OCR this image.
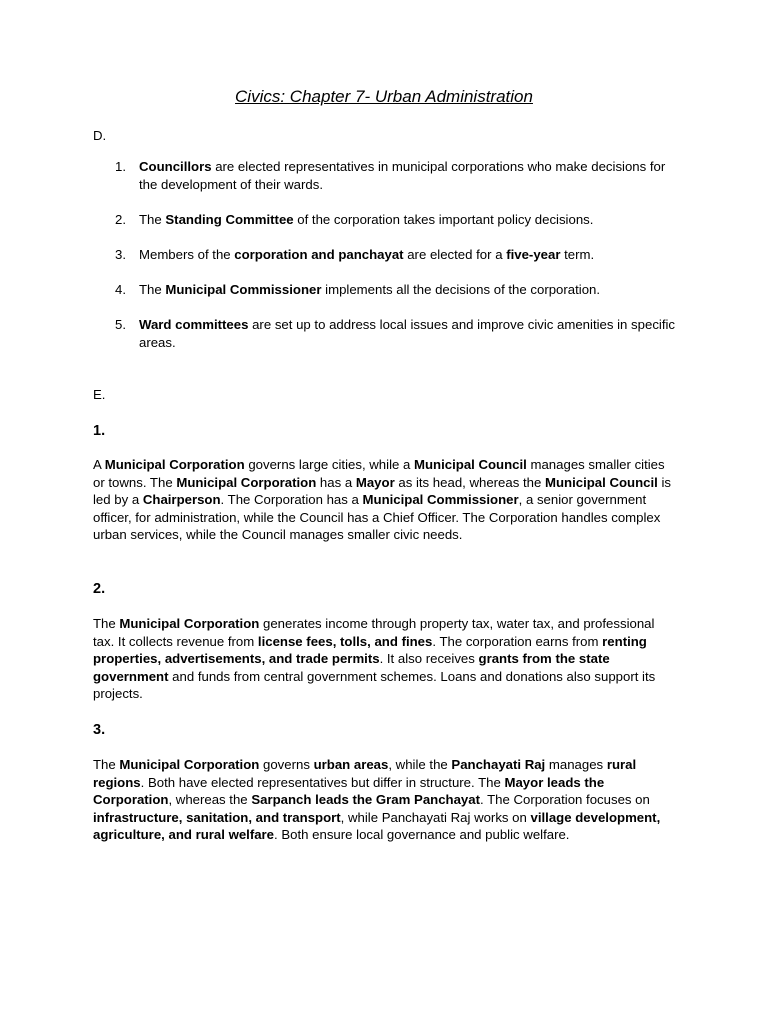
Civics: Chapter 7- Urban Administration
D.
1. Councillors are elected representatives in municipal corporations who make decisions for the development of their wards.
2. The Standing Committee of the corporation takes important policy decisions.
3. Members of the corporation and panchayat are elected for a five-year term.
4. The Municipal Commissioner implements all the decisions of the corporation.
5. Ward committees are set up to address local issues and improve civic amenities in specific areas.
E.
1.

A Municipal Corporation governs large cities, while a Municipal Council manages smaller cities or towns. The Municipal Corporation has a Mayor as its head, whereas the Municipal Council is led by a Chairperson. The Corporation has a Municipal Commissioner, a senior government officer, for administration, while the Council has a Chief Officer. The Corporation handles complex urban services, while the Council manages smaller civic needs.

2.

The Municipal Corporation generates income through property tax, water tax, and professional tax. It collects revenue from license fees, tolls, and fines. The corporation earns from renting properties, advertisements, and trade permits. It also receives grants from the state government and funds from central government schemes. Loans and donations also support its projects.

3.

The Municipal Corporation governs urban areas, while the Panchayati Raj manages rural regions. Both have elected representatives but differ in structure. The Mayor leads the Corporation, whereas the Sarpanch leads the Gram Panchayat. The Corporation focuses on infrastructure, sanitation, and transport, while Panchayati Raj works on village development, agriculture, and rural welfare. Both ensure local governance and public welfare.
